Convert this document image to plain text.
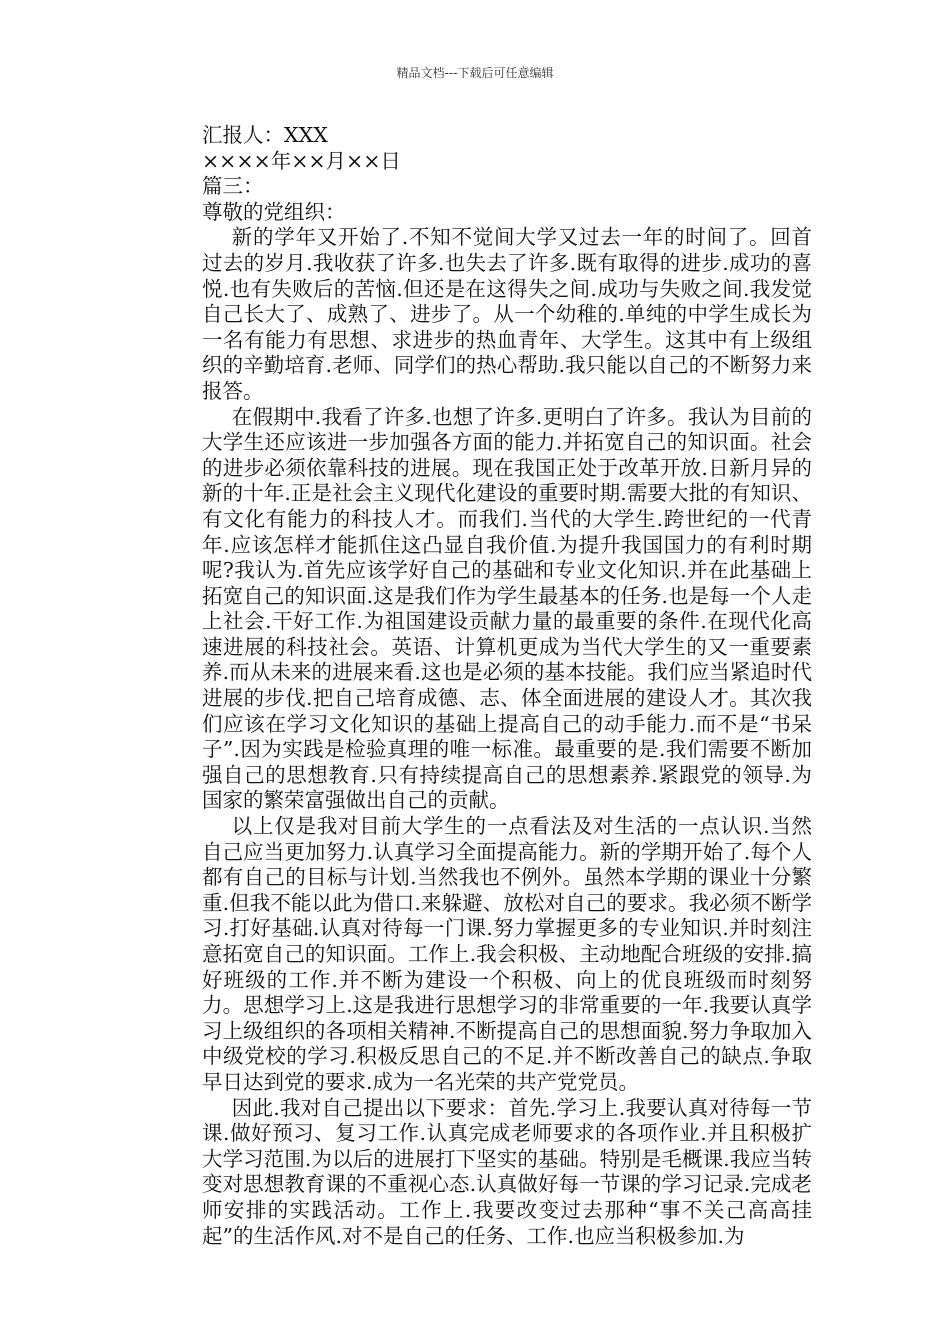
精品文档---下载后可任意编辑

汇报人：XXX

××××年××月××日

篇三：

尊敬的党组织：

新的学年又开始了.不知不觉间大学又过去一年的时间了。回首过去的岁月.我收获了许多.也失去了许多.既有取得的进步.成功的喜悦.也有失败后的苦恼.但还是在这得失之间.成功与失败之间.我发觉自己长大了、成熟了、进步了。从一个幼稚的.单纯的中学生成长为一名有能力有思想、求进步的热血青年、大学生。这其中有上级组织的辛勤培育.老师、同学们的热心帮助.我只能以自己的不断努力来报答。

在假期中.我看了许多.也想了许多.更明白了许多。我认为目前的大学生还应该进一步加强各方面的能力.并拓宽自己的知识面。社会的进步必须依靠科技的进展。现在我国正处于改革开放.日新月异的新的十年.正是社会主义现代化建设的重要时期.需要大批的有知识、有文化有能力的科技人才。而我们.当代的大学生.跨世纪的一代青年.应该怎样才能抓住这凸显自我价值.为提升我国国力的有利时期呢?我认为.首先应该学好自己的基础和专业文化知识.并在此基础上拓宽自己的知识面.这是我们作为学生最基本的任务.也是每一个人走上社会.干好工作.为祖国建设贡献力量的最重要的条件.在现代化高速进展的科技社会。英语、计算机更成为当代大学生的又一重要素养.而从未来的进展来看.这也是必须的基本技能。我们应当紧追时代进展的步伐.把自己培育成德、志、体全面进展的建设人才。其次我们应该在学习文化知识的基础上提高自己的动手能力.而不是“书呆子”.因为实践是检验真理的唯一标准。最重要的是.我们需要不断加强自己的思想教育.只有持续提高自己的思想素养.紧跟党的领导.为国家的繁荣富强做出自己的贡献。

以上仅是我对目前大学生的一点看法及对生活的一点认识.当然自己应当更加努力.认真学习全面提高能力。新的学期开始了.每个人都有自己的目标与计划.当然我也不例外。虽然本学期的课业十分繁重.但我不能以此为借口.来躲避、放松对自己的要求。我必须不断学习.打好基础.认真对待每一门课.努力掌握更多的专业知识.并时刻注意拓宽自己的知识面。工作上.我会积极、主动地配合班级的安排.搞好班级的工作.并不断为建设一个积极、向上的优良班级而时刻努力。思想学习上.这是我进行思想学习的非常重要的一年.我要认真学习上级组织的各项相关精神.不断提高自己的思想面貌.努力争取加入中级党校的学习.积极反思自己的不足.并不断改善自己的缺点.争取早日达到党的要求.成为一名光荣的共产党党员。

因此.我对自己提出以下要求：首先.学习上.我要认真对待每一节课.做好预习、复习工作.认真完成老师要求的各项作业.并且积极扩大学习范围.为以后的进展打下坚实的基础。特别是毛概课.我应当转变对思想教育课的不重视心态.认真做好每一节课的学习记录.完成老师安排的实践活动。工作上.我要改变过去那种“事不关己高高挂起”的生活作风.对不是自己的任务、工作.也应当积极参加.为
